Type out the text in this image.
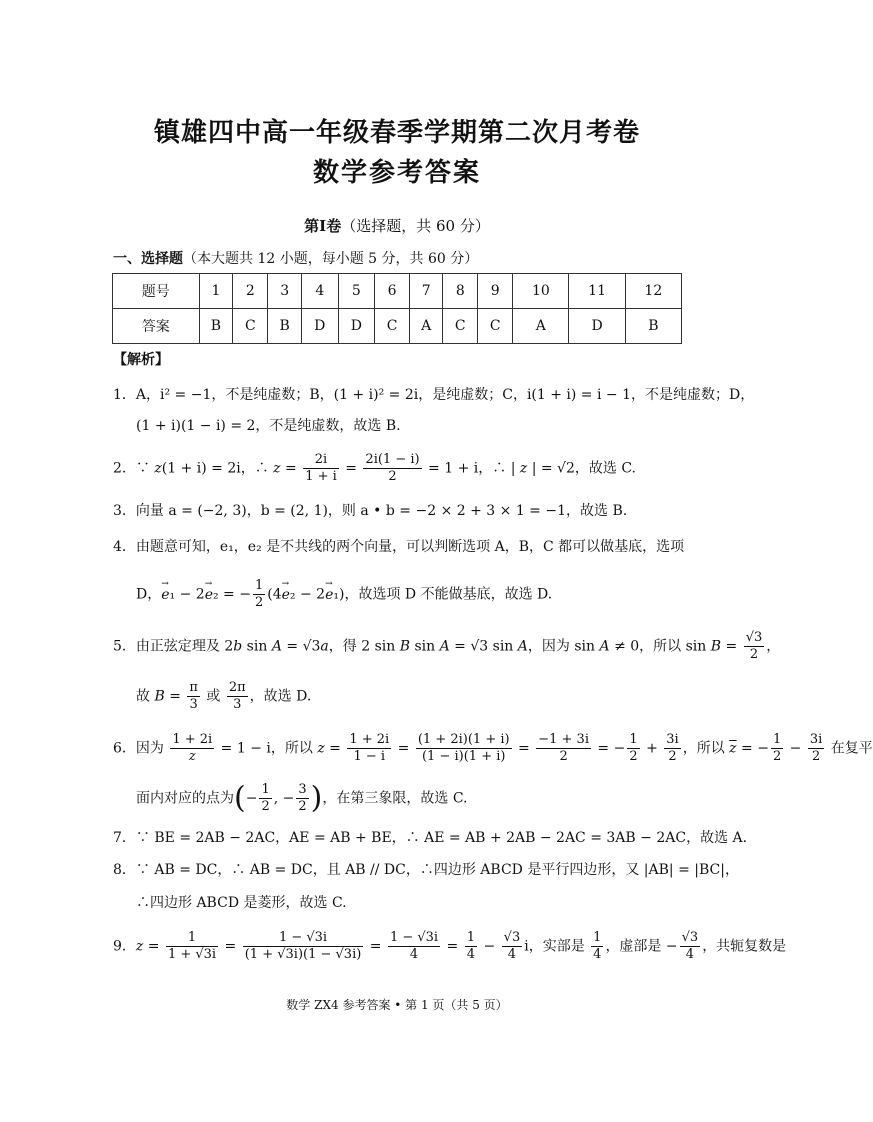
镇雄四中高一年级春季学期第二次月考卷
数学参考答案
第Ⅰ卷（选择题，共 60 分）
一、选择题（本大题共 12 小题，每小题 5 分，共 60 分）
题号	1	2	3	4	5	6	7	8	9	10	11	12
答案	B	C	B	D	D	C	A	C	C	A	D	B
【解析】
1．A，i² = −1，不是纯虚数；B，(1 + i)² = 2i，是纯虚数；C，i(1 + i) = i − 1，不是纯虚数；D，
(1 + i)(1 − i) = 2，不是纯虚数，故选 B.
2．∵ z(1 + i) = 2i，∴ $z = \frac{2i}{1 + i} = \frac{2i(1 - i)}{2} = 1 + i$，∴ | z | = √2，故选 C.
3．向量 a = (−2, 3)，b = (2, 1)，则 a • b = −2 × 2 + 3 × 1 = −1，故选 B.
4．由题意可知，e₁，e₂ 是不共线的两个向量，可以判断选项 A，B，C 都可以做基底，选项
D，→ e₁ − 2→ e₂ = − $\frac{1}{2} (4\to e_2 - 2\to e_1)$，故选项 D 不能做基底，故选 D.
5．由正弦定理及 2b sin A = √3a，得 2 sin B sin A = √3 sin A，因为 sin A ≠ 0，所以 $\sin B = \frac{√3}{2}$ ，
故 $B = \frac{\pi}{3}$ 或 $\frac{2\pi}{3}$ ，故选 D.
6．因为 $\frac{1 + 2i}{z} = 1 - i$，所以 $z = \frac{1 + 2i}{1 - i} = \frac{(1 + 2i)(1 + i)}{(1 - i)(1 + i)} = \frac{-1 + 3i}{2}$ = − $\frac{1}{2} + \frac{3i}{2}$ ，所以 $\overline{z}$ = − $\frac{1}{2} - \frac{3i}{2}$ 在复平
面内对应的点为(− $\frac{1}{2}$ , − $\frac{3}{2}$ )，在第三象限，故选 C.
7．∵ BE = 2AB − 2AC，AE = AB + BE，∴ AE = AB + 2AB − 2AC = 3AB − 2AC，故选 A.
8．∵ AB = DC，∴ AB = DC，且 AB // DC，∴四边形 ABCD 是平行四边形，又 |AB| = |BC|，
∴四边形 ABCD 是菱形，故选 C.
9．$z = \frac{1}{1 + √3i} = \frac{1 - √3i}{(1 + √3i)(1 - √3i)} = \frac{1 - √3i}{4} = \frac{1}{4} - \frac{√3}{4}$ i，实部是 $\frac{1}{4}$ ，虚部是 − $\frac{√3}{4}$ ，共轭复数是
数学 ZX4 参考答案 • 第 1 页（共 5 页）
